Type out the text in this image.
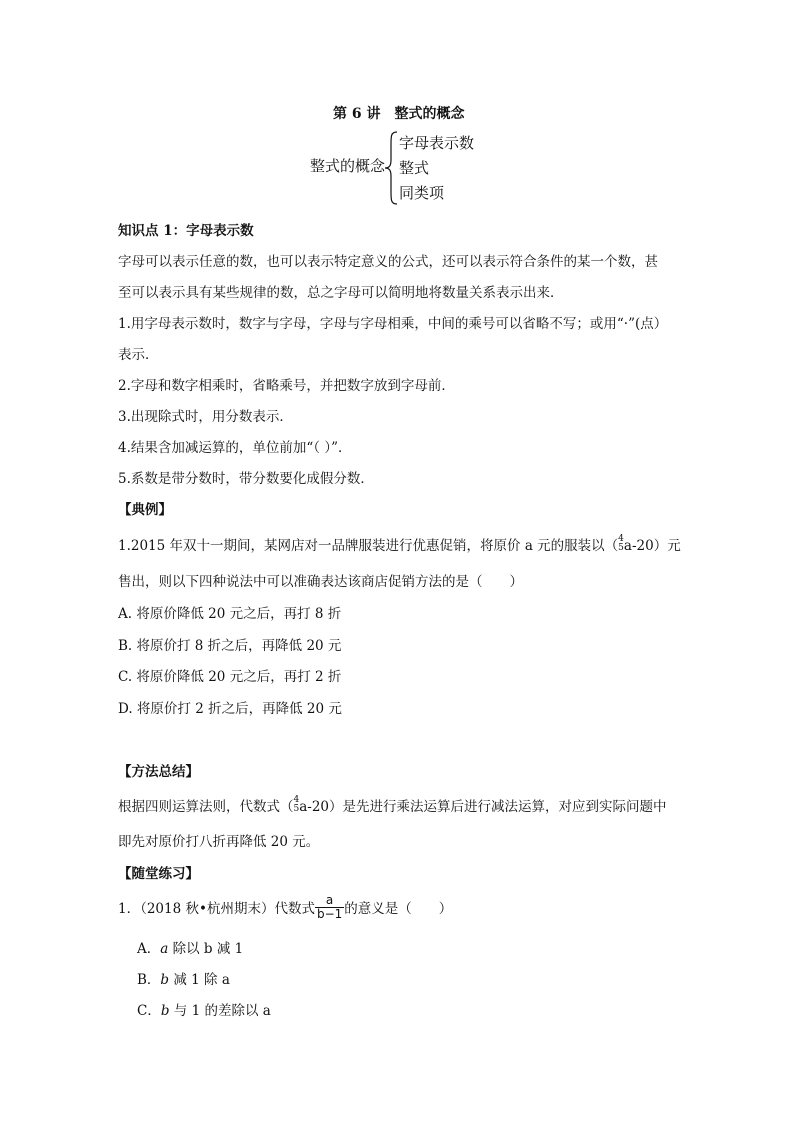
第 6 讲 整式的概念
整式的概念
字母表示数
整式
同类项
知识点 1：字母表示数
字母可以表示任意的数，也可以表示特定意义的公式，还可以表示符合条件的某一个数，甚
至可以表示具有某些规律的数，总之字母可以简明地将数量关系表示出来．
1.用字母表示数时，数字与字母，字母与字母相乘，中间的乘号可以省略不写；或用“·”(点）
表示．
2.字母和数字相乘时，省略乘号，并把数字放到字母前．
3.出现除式时，用分数表示．
4.结果含加减运算的，单位前加“（ ）”．
5.系数是带分数时，带分数要化成假分数．
【典例】
1.2015 年双十一期间，某网店对一品牌服装进行优惠促销，将原价 a 元的服装以（ 4
5 a-20）元
售出，则以下四种说法中可以准确表达该商店促销方法的是（　　）
A. 将原价降低 20 元之后，再打 8 折
B. 将原价打 8 折之后，再降低 20 元
C. 将原价降低 20 元之后，再打 2 折
D. 将原价打 2 折之后，再降低 20 元
【方法总结】
根据四则运算法则，代数式（ 4
5 a-20）是先进行乘法运算后进行减法运算，对应到实际问题中
即先对原价打八折再降低 20 元。
【随堂练习】
1．（2018 秋•杭州期末）代数式 $\frac{a}{b-1}$ 的意义是（　　）
A．a 除以 b 减 1
B．b 减 1 除 a
C．b 与 1 的差除以 a
